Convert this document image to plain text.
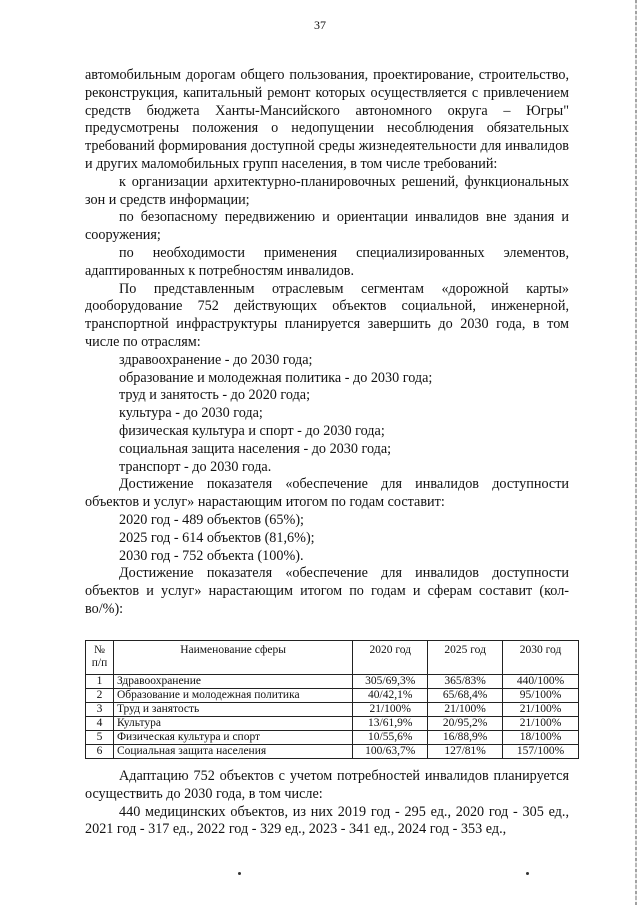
37

автомобильным дорогам общего пользования, проектирование, строительство, реконструкция, капитальный ремонт которых осуществляется с привлечением средств бюджета Ханты-Мансийского автономного округа – Югры" предусмотрены положения о недопущении несоблюдения обязательных требований формирования доступной среды жизнедеятельности для инвалидов и других маломобильных групп населения, в том числе требований:

к организации архитектурно-планировочных решений, функциональных зон и средств информации;

по безопасному передвижению и ориентации инвалидов вне здания и сооружения;

по необходимости применения специализированных элементов, адаптированных к потребностям инвалидов.

По представленным отраслевым сегментам «дорожной карты» дооборудование 752 действующих объектов социальной, инженерной, транспортной инфраструктуры планируется завершить до 2030 года, в том числе по отраслям:

здравоохранение - до 2030 года;

образование и молодежная политика - до 2030 года;

труд и занятость - до 2020 года;

культура - до 2030 года;

физическая культура и спорт - до 2030 года;

социальная защита населения - до 2030 года;

транспорт - до 2030 года.

Достижение показателя «обеспечение для инвалидов доступности объектов и услуг» нарастающим итогом по годам составит:

2020 год - 489 объектов (65%);

2025 год - 614 объектов (81,6%);

2030 год - 752 объекта (100%).

Достижение показателя «обеспечение для инвалидов доступности объектов и услуг» нарастающим итогом по годам и сферам составит (кол-во/%):

№ п/п	Наименование сферы	2020 год	2025 год	2030 год
1	Здравоохранение	305/69,3%	365/83%	440/100%
2	Образование и молодежная политика	40/42,1%	65/68,4%	95/100%
3	Труд и занятость	21/100%	21/100%	21/100%
4	Культура	13/61,9%	20/95,2%	21/100%
5	Физическая культура и спорт	10/55,6%	16/88,9%	18/100%
6	Социальная защита населения	100/63,7%	127/81%	157/100%

Адаптацию 752 объектов с учетом потребностей инвалидов планируется осуществить до 2030 года, в том числе:

440 медицинских объектов, из них 2019 год - 295 ед., 2020 год - 305 ед., 2021 год - 317 ед., 2022 год - 329 ед., 2023 - 341 ед., 2024 год - 353 ед.,
